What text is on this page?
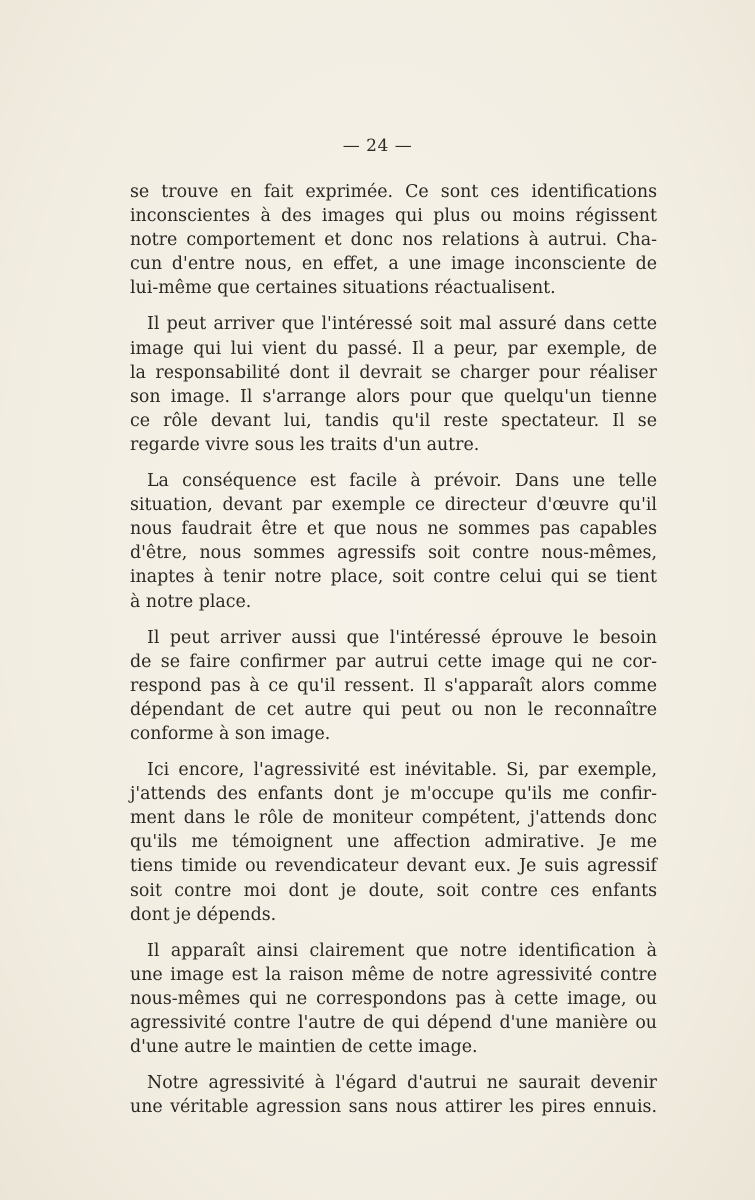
— 24 —
se trouve en fait exprimée. Ce sont ces identifications
inconscientes à des images qui plus ou moins régissent
notre comportement et donc nos relations à autrui. Cha-
cun d'entre nous, en effet, a une image inconsciente de
lui-même que certaines situations réactualisent.
Il peut arriver que l'intéressé soit mal assuré dans cette
image qui lui vient du passé. Il a peur, par exemple, de
la responsabilité dont il devrait se charger pour réaliser
son image. Il s'arrange alors pour que quelqu'un tienne
ce rôle devant lui, tandis qu'il reste spectateur. Il se
regarde vivre sous les traits d'un autre.
La conséquence est facile à prévoir. Dans une telle
situation, devant par exemple ce directeur d'œuvre qu'il
nous faudrait être et que nous ne sommes pas capables
d'être, nous sommes agressifs soit contre nous-mêmes,
inaptes à tenir notre place, soit contre celui qui se tient
à notre place.
Il peut arriver aussi que l'intéressé éprouve le besoin
de se faire confirmer par autrui cette image qui ne cor-
respond pas à ce qu'il ressent. Il s'apparaît alors comme
dépendant de cet autre qui peut ou non le reconnaître
conforme à son image.
Ici encore, l'agressivité est inévitable. Si, par exemple,
j'attends des enfants dont je m'occupe qu'ils me confir-
ment dans le rôle de moniteur compétent, j'attends donc
qu'ils me témoignent une affection admirative. Je me
tiens timide ou revendicateur devant eux. Je suis agressif
soit contre moi dont je doute, soit contre ces enfants
dont je dépends.
Il apparaît ainsi clairement que notre identification à
une image est la raison même de notre agressivité contre
nous-mêmes qui ne correspondons pas à cette image, ou
agressivité contre l'autre de qui dépend d'une manière ou
d'une autre le maintien de cette image.
Notre agressivité à l'égard d'autrui ne saurait devenir
une véritable agression sans nous attirer les pires ennuis.
